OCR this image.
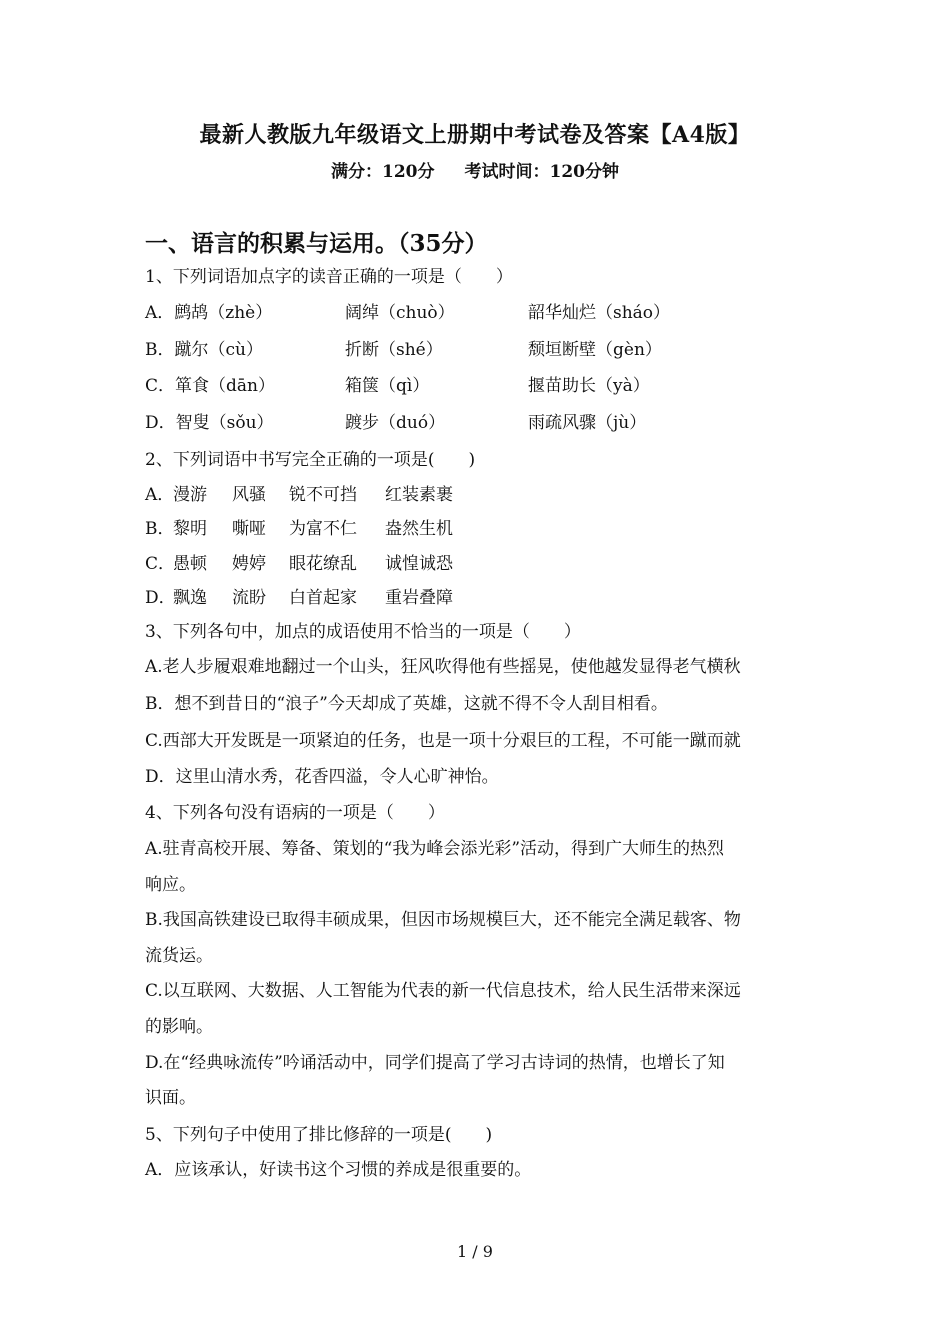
最新人教版九年级语文上册期中考试卷及答案【A4版】
满分：120分 考试时间：120分钟
一、语言的积累与运用。（35分）
1、下列词语加点字的读音正确的一项是（　　）
A．鹧鸪（zhè）	阔绰（chuò）	韶华灿烂（sháo）
B．蹴尔（cù）	折断（shé）	颓垣断壁（gèn）
C．箪食（dān）	箱箧（qì）	揠苗助长（yà）
D．智叟（sǒu）	踱步（duó）	雨疏风骤（jù）
2、下列词语中书写完全正确的一项是(　　)
A．
漫游 风骚 锐不可挡 红装素裹
B．
黎明 嘶哑 为富不仁 盎然生机
C．
愚顿 娉婷 眼花缭乱 诚惶诚恐
D．
飘逸 流盼 白首起家 重岩叠障
3、下列各句中，加点的成语使用不恰当的一项是（　　）
A.老人步履艰难地翻过一个山头，狂风吹得他有些摇晃，使他越发显得老气横秋
B．想不到昔日的“浪子”今天却成了英雄，这就不得不令人刮目相看。
C.西部大开发既是一项紧迫的任务，也是一项十分艰巨的工程，不可能一蹴而就
D．这里山清水秀，花香四溢，令人心旷神怡。
4、下列各句没有语病的一项是（　　）
A.驻青高校开展、筹备、策划的“我为峰会添光彩”活动，得到广大师生的热烈
响应。
B.我国高铁建设已取得丰硕成果，但因市场规模巨大，还不能完全满足载客、物
流货运。
C.以互联网、大数据、人工智能为代表的新一代信息技术，给人民生活带来深远
的影响。
D.在“经典咏流传”吟诵活动中，同学们提高了学习古诗词的热情，也增长了知
识面。
5、下列句子中使用了排比修辞的一项是(　　)
A．应该承认，好读书这个习惯的养成是很重要的。
1 / 9
